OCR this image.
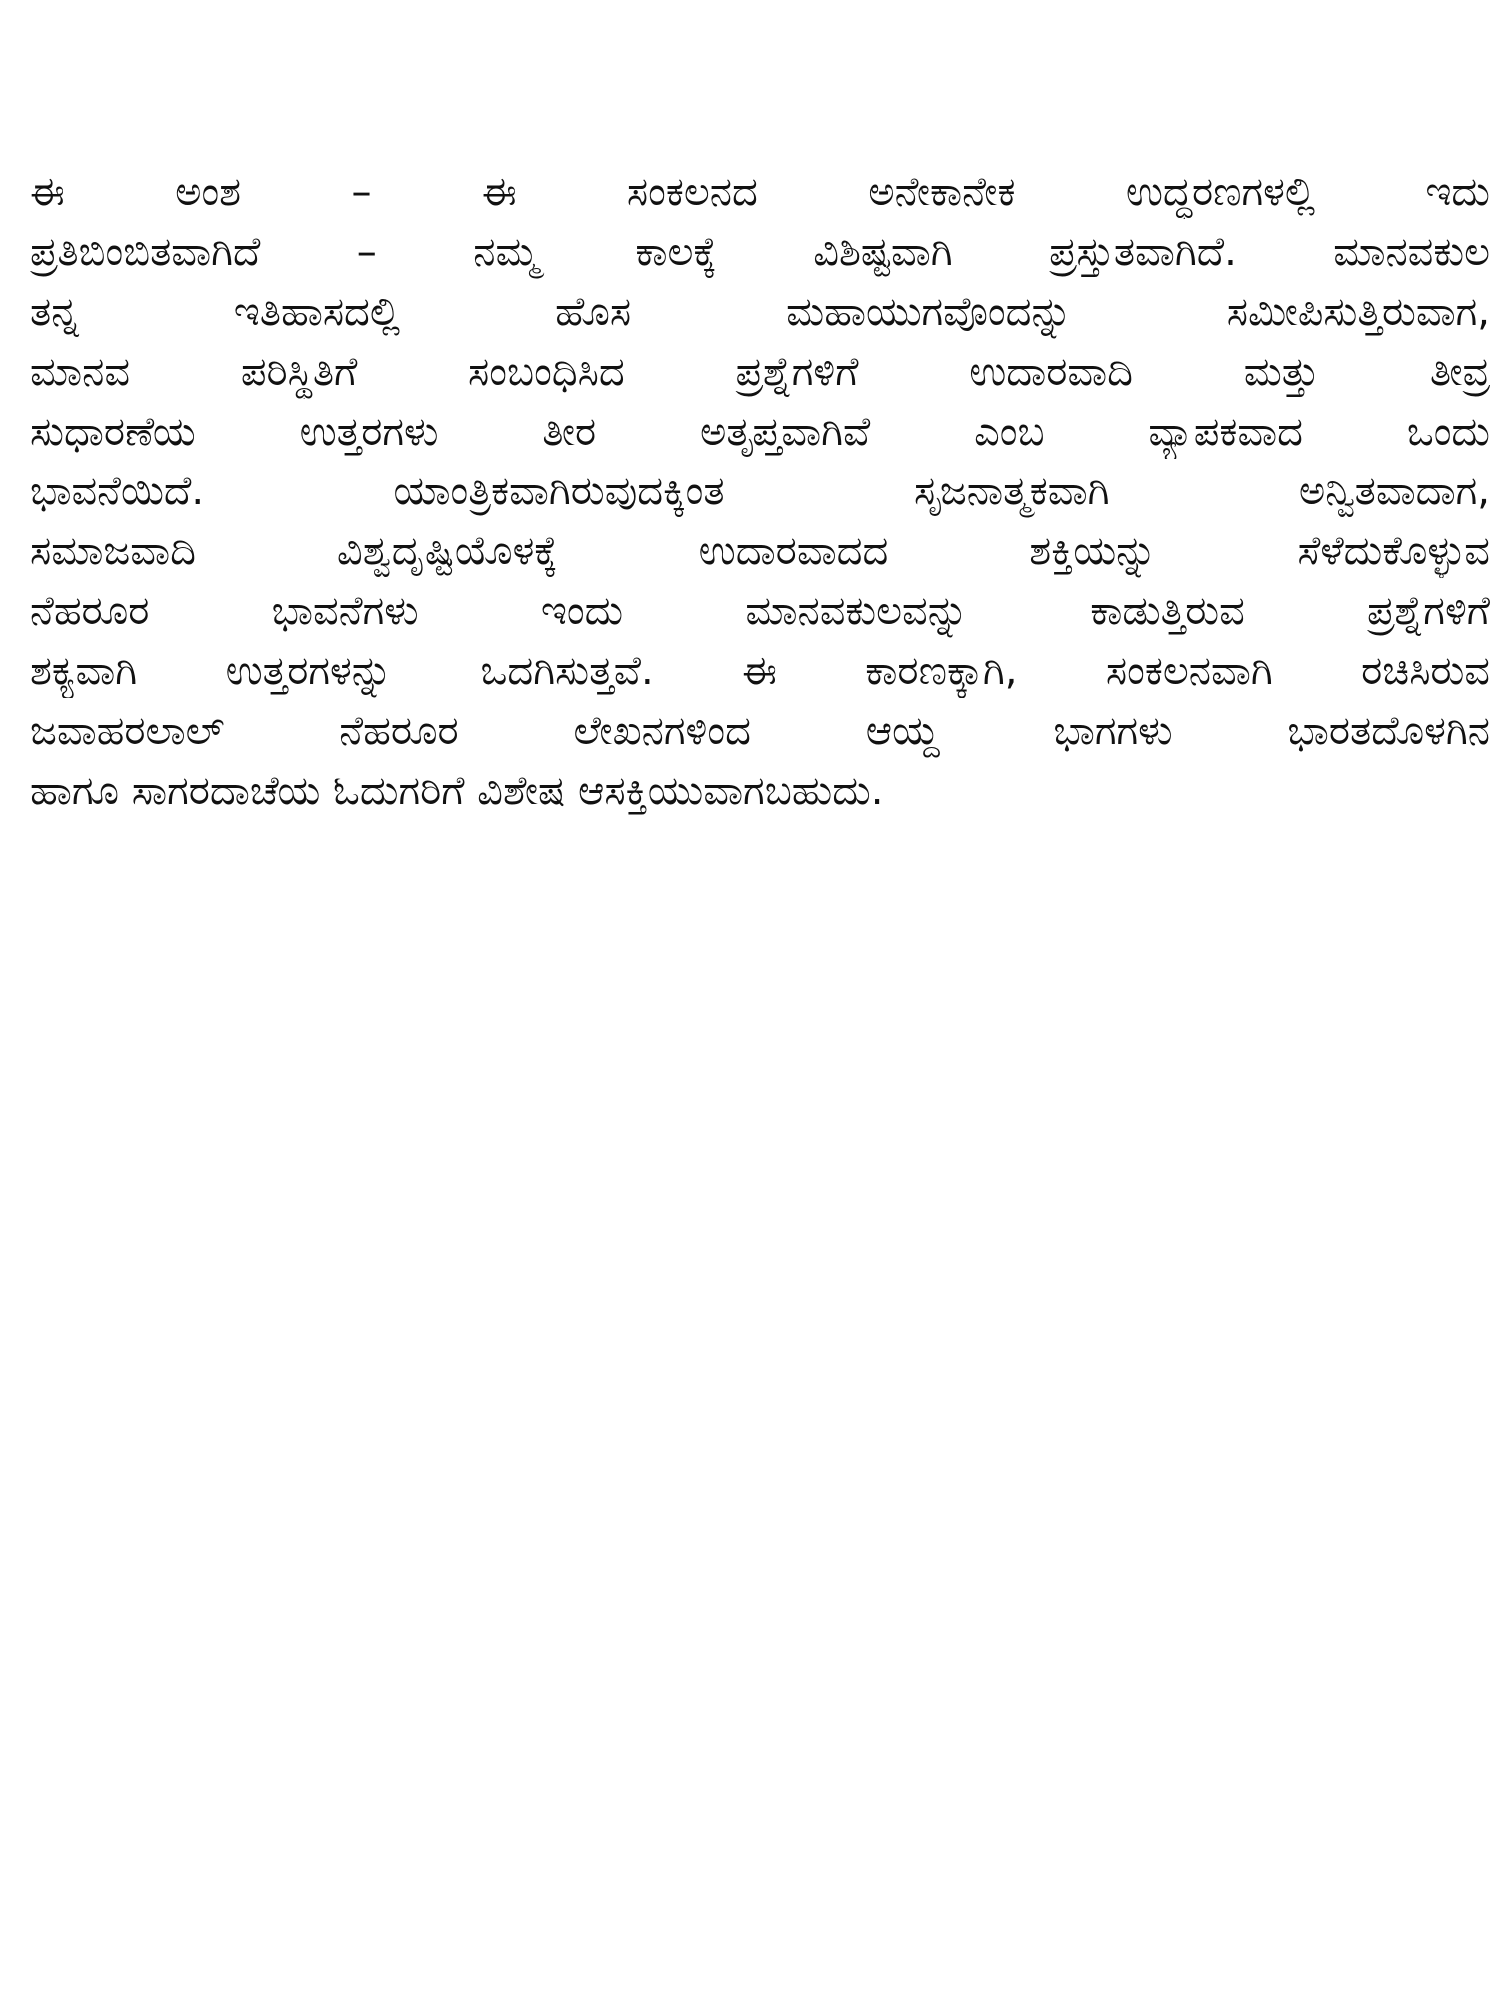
ಈ ಅಂಶ – ಈ ಸಂಕಲನದ ಅನೇಕಾನೇಕ ಉದ್ಧರಣಗಳಲ್ಲಿ ಇದು
ಪ್ರತಿಬಿಂಬಿತವಾಗಿದೆ – ನಮ್ಮ ಕಾಲಕ್ಕೆ ವಿಶಿಷ್ಟವಾಗಿ ಪ್ರಸ್ತುತವಾಗಿದೆ. ಮಾನವಕುಲ
ತನ್ನ ಇತಿಹಾಸದಲ್ಲಿ ಹೊಸ ಮಹಾಯುಗವೊಂದನ್ನು ಸಮೀಪಿಸುತ್ತಿರುವಾಗ,
ಮಾನವ ಪರಿಸ್ಥಿತಿಗೆ ಸಂಬಂಧಿಸಿದ ಪ್ರಶ್ನೆಗಳಿಗೆ ಉದಾರವಾದಿ ಮತ್ತು ತೀವ್ರ
ಸುಧಾರಣೆಯ ಉತ್ತರಗಳು ತೀರ ಅತೃಪ್ತವಾಗಿವೆ ಎಂಬ ವ್ಯಾಪಕವಾದ ಒಂದು
ಭಾವನೆಯಿದೆ. ಯಾಂತ್ರಿಕವಾಗಿರುವುದಕ್ಕಿಂತ ಸೃಜನಾತ್ಮಕವಾಗಿ ಅನ್ವಿತವಾದಾಗ,
ಸಮಾಜವಾದಿ ವಿಶ್ವದೃಷ್ಟಿಯೊಳಕ್ಕೆ ಉದಾರವಾದದ ಶಕ್ತಿಯನ್ನು ಸೆಳೆದುಕೊಳ್ಳುವ
ನೆಹರೂರ ಭಾವನೆಗಳು ಇಂದು ಮಾನವಕುಲವನ್ನು ಕಾಡುತ್ತಿರುವ ಪ್ರಶ್ನೆಗಳಿಗೆ
ಶಕ್ಯವಾಗಿ ಉತ್ತರಗಳನ್ನು ಒದಗಿಸುತ್ತವೆ. ಈ ಕಾರಣಕ್ಕಾಗಿ, ಸಂಕಲನವಾಗಿ ರಚಿಸಿರುವ
ಜವಾಹರಲಾಲ್ ನೆಹರೂರ ಲೇಖನಗಳಿಂದ ಆಯ್ದ ಭಾಗಗಳು ಭಾರತದೊಳಗಿನ
ಹಾಗೂ ಸಾಗರದಾಚೆಯ ಓದುಗರಿಗೆ ವಿಶೇಷ ಆಸಕ್ತಿಯುವಾಗಬಹುದು.
